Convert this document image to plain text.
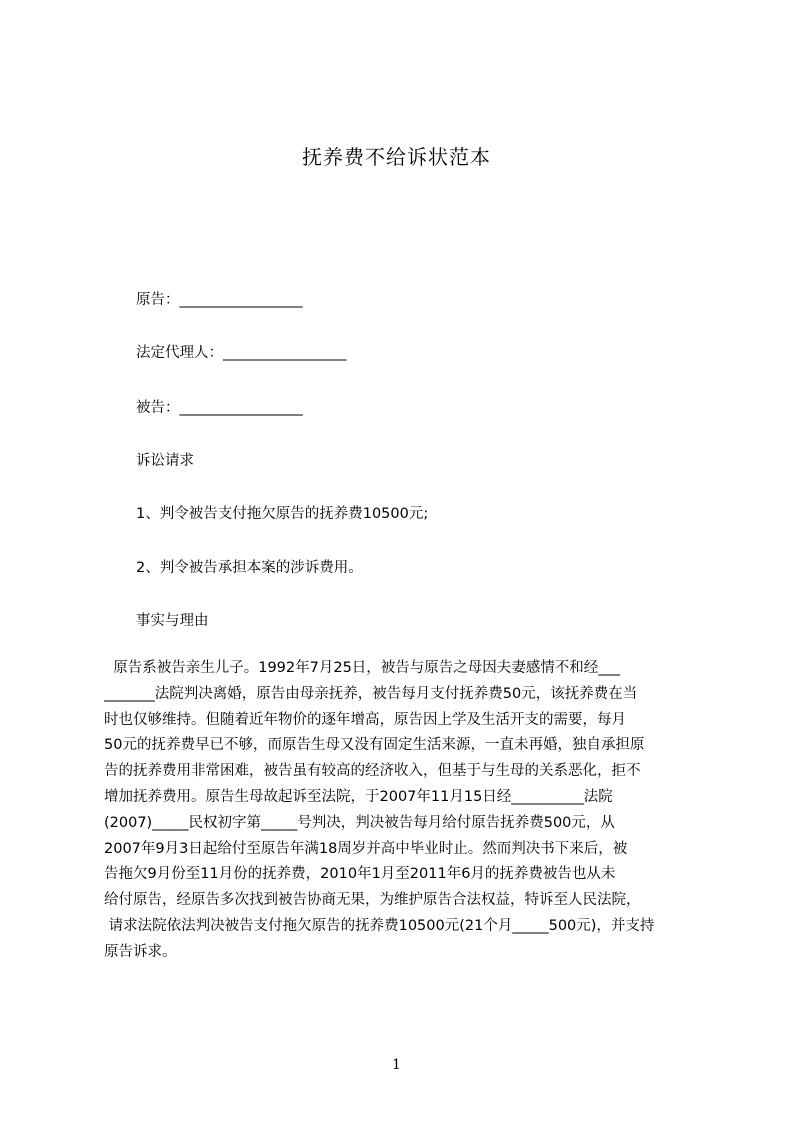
抚养费不给诉状范本
原告：_________________
法定代理人：_________________
被告：_________________
诉讼请求
1、判令被告支付拖欠原告的抚养费10500元;
2、判令被告承担本案的涉诉费用。
事实与理由
原告系被告亲生儿子。1992年7月25日，被告与原告之母因夫妻感情不和经___
_______法院判决离婚，原告由母亲抚养，被告每月支付抚养费50元，该抚养费在当
时也仅够维持。但随着近年物价的逐年增高，原告因上学及生活开支的需要，每月
50元的抚养费早已不够，而原告生母又没有固定生活来源，一直未再婚，独自承担原
告的抚养费用非常困难，被告虽有较高的经济收入，但基于与生母的关系恶化，拒不
增加抚养费用。原告生母故起诉至法院，于2007年11月15日经__________法院
(2007)_____民权初字第_____号判决，判决被告每月给付原告抚养费500元，从
2007年9月3日起给付至原告年满18周岁并高中毕业时止。然而判决书下来后，被
告拖欠9月份至11月份的抚养费，2010年1月至2011年6月的抚养费被告也从未
给付原告，经原告多次找到被告协商无果，为维护原告合法权益，特诉至人民法院，
请求法院依法判决被告支付拖欠原告的抚养费10500元(21个月_____500元)，并支持
原告诉求。
1
